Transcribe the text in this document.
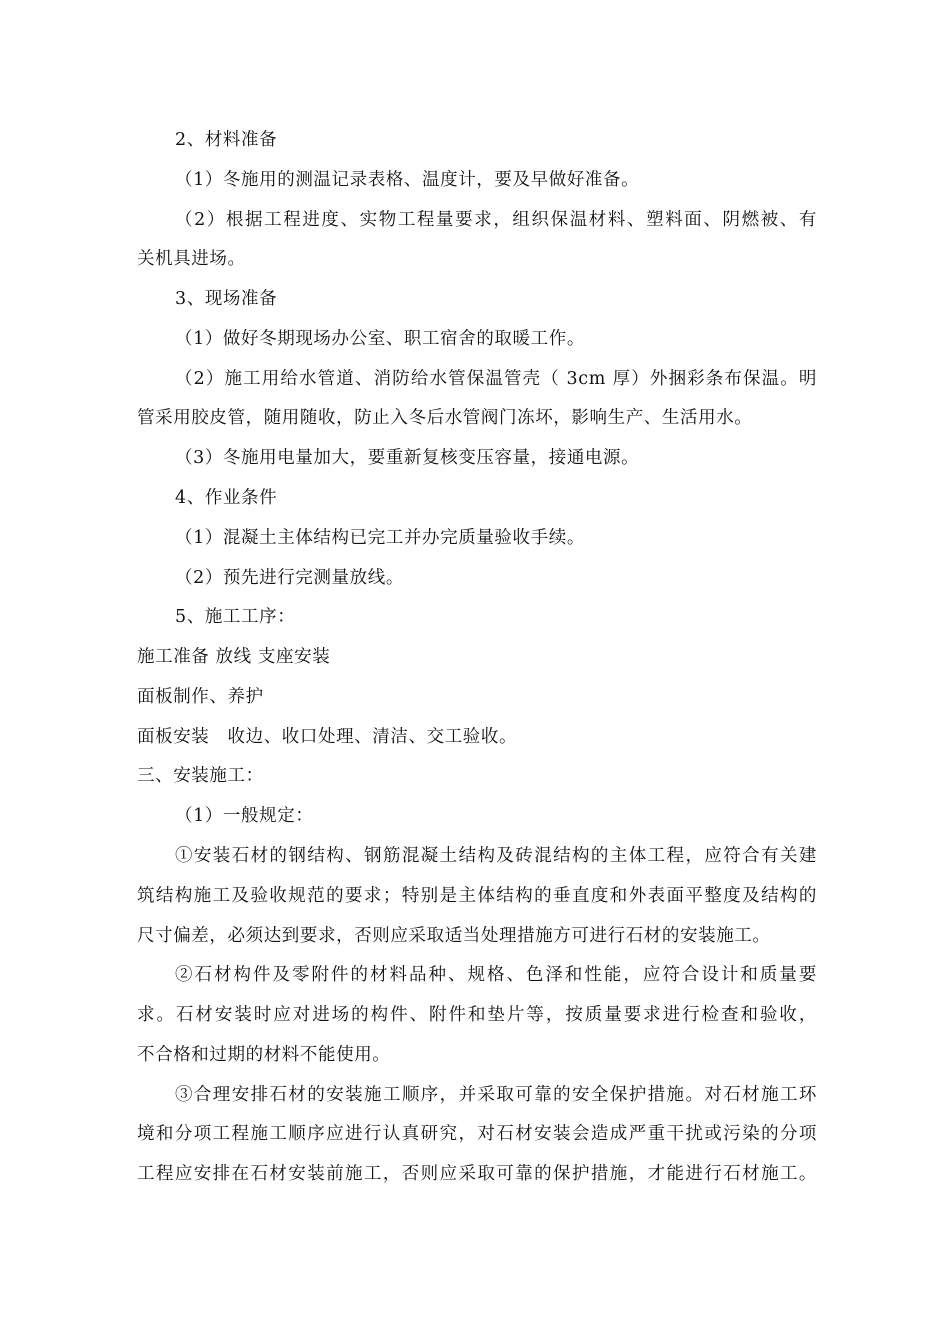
2、材料准备
（1）冬施用的测温记录表格、温度计，要及早做好准备。
（2）根据工程进度、实物工程量要求，组织保温材料、塑料面、阴燃被、有
关机具进场。
3、现场准备
（1）做好冬期现场办公室、职工宿舍的取暖工作。
（2）施工用给水管道、消防给水管保温管壳（ 3cm 厚）外捆彩条布保温。明
管采用胶皮管，随用随收，防止入冬后水管阀门冻坏，影响生产、生活用水。
（3）冬施用电量加大，要重新复核变压容量，接通电源。
4、作业条件
（1）混凝土主体结构已完工并办完质量验收手续。
（2）预先进行完测量放线。
5、施工工序：
施工准备 放线 支座安装
面板制作、养护
面板安装　收边、收口处理、清洁、交工验收。
三、安装施工：
（1）一般规定：
①安装石材的钢结构、钢筋混凝土结构及砖混结构的主体工程，应符合有关建
筑结构施工及验收规范的要求；特别是主体结构的垂直度和外表面平整度及结构的
尺寸偏差，必须达到要求，否则应采取适当处理措施方可进行石材的安装施工。
②石材构件及零附件的材料品种、规格、色泽和性能，应符合设计和质量要
求。石材安装时应对进场的构件、附件和垫片等，按质量要求进行检查和验收，
不合格和过期的材料不能使用。
③合理安排石材的安装施工顺序，并采取可靠的安全保护措施。对石材施工环
境和分项工程施工顺序应进行认真研究，对石材安装会造成严重干扰或污染的分项
工程应安排在石材安装前施工，否则应采取可靠的保护措施，才能进行石材施工。
